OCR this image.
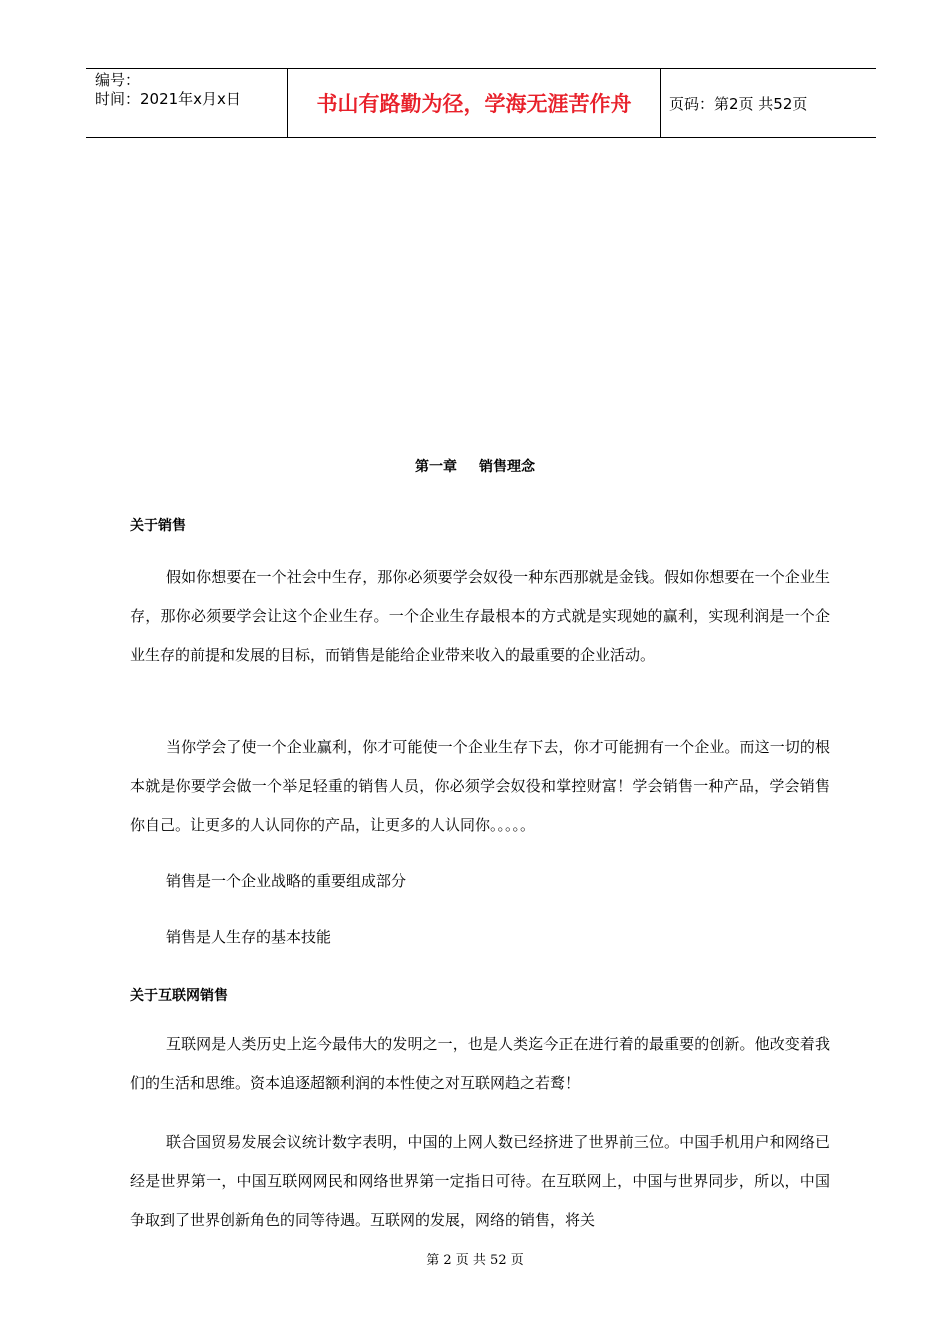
编号：
时间：2021年x月x日	书山有路勤为径，学海无涯苦作舟	页码：第2页 共52页
第一章 销售理念
关于销售

假如你想要在一个社会中生存，那你必须要学会奴役一种东西那就是金钱。假如你想要在一个企业生存，那你必须要学会让这个企业生存。一个企业生存最根本的方式就是实现她的赢利，实现利润是一个企业生存的前提和发展的目标，而销售是能给企业带来收入的最重要的企业活动。

当你学会了使一个企业赢利，你才可能使一个企业生存下去，你才可能拥有一个企业。而这一切的根本就是你要学会做一个举足轻重的销售人员，你必须学会奴役和掌控财富！学会销售一种产品，学会销售你自己。让更多的人认同你的产品，让更多的人认同你。。。。。

销售是一个企业战略的重要组成部分

销售是人生存的基本技能

关于互联网销售

互联网是人类历史上迄今最伟大的发明之一，也是人类迄今正在进行着的最重要的创新。他改变着我们的生活和思维。资本追逐超额利润的本性使之对互联网趋之若鹜！

联合国贸易发展会议统计数字表明，中国的上网人数已经挤进了世界前三位。中国手机用户和网络已经是世界第一，中国互联网网民和网络世界第一定指日可待。在互联网上，中国与世界同步，所以，中国争取到了世界创新角色的同等待遇。互联网的发展，网络的销售，将关

第 2 页 共 52 页
